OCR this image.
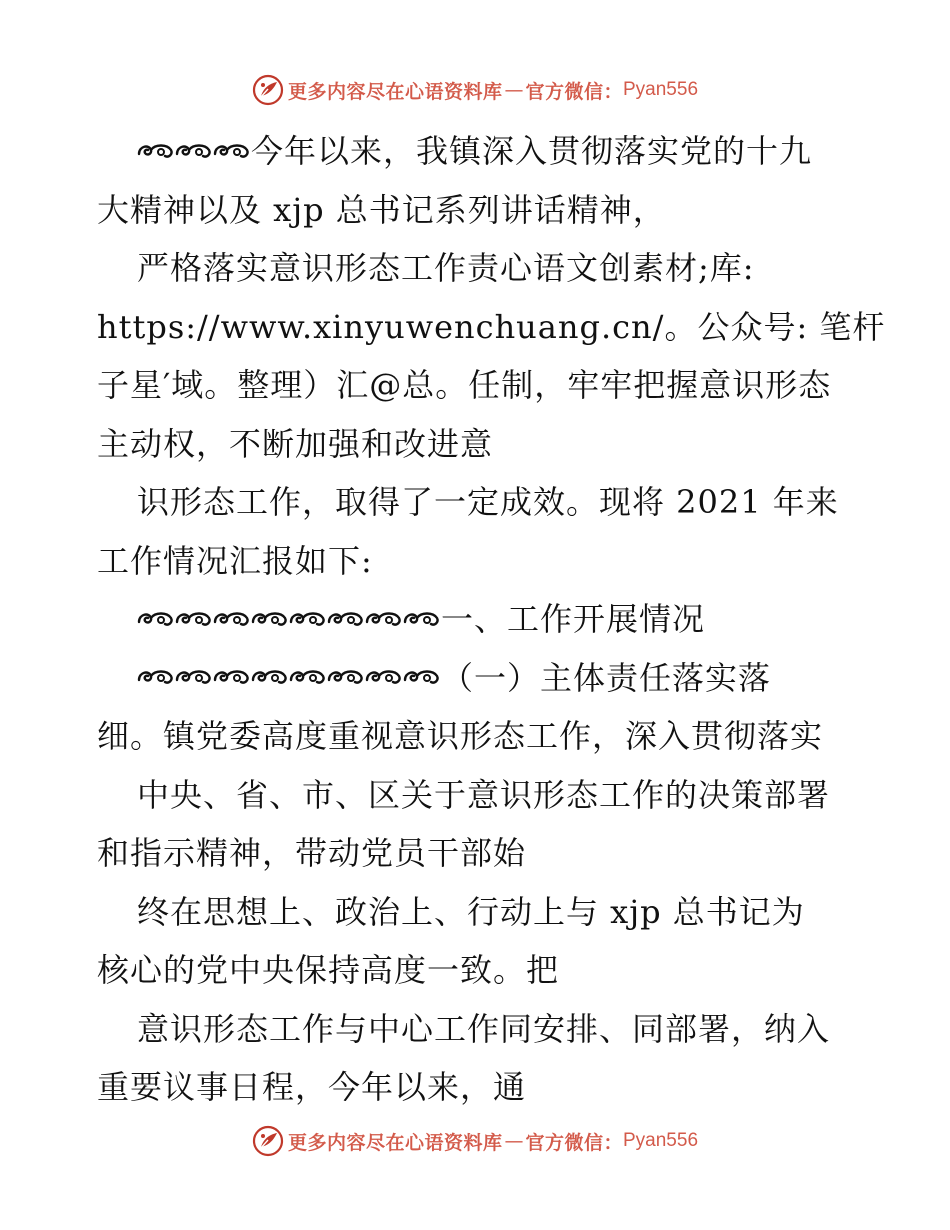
更多内容尽在心语资料库 — 官方微信： Pyan556
今年以来，我镇深入贯彻落实党的十九
大精神以及 xjp 总书记系列讲话精神，
严格落实意识形态工作责心语文创素材;库:
https://www.xinyuwenchuang.cn/。公众号: 笔杆
子星′域。整理）汇@总。任制，牢牢把握意识形态
主动权，不断加强和改进意
识形态工作，取得了一定成效。现将 2021 年来
工作情况汇报如下:
一、工作开展情况
（一）主体责任落实落
细。镇党委高度重视意识形态工作，深入贯彻落实
中央、省、市、区关于意识形态工作的决策部署
和指示精神，带动党员干部始
终在思想上、政治上、行动上与 xjp 总书记为
核心的党中央保持高度一致。把
意识形态工作与中心工作同安排、同部署，纳入
重要议事日程，今年以来，通
更多内容尽在心语资料库 — 官方微信： Pyan556
